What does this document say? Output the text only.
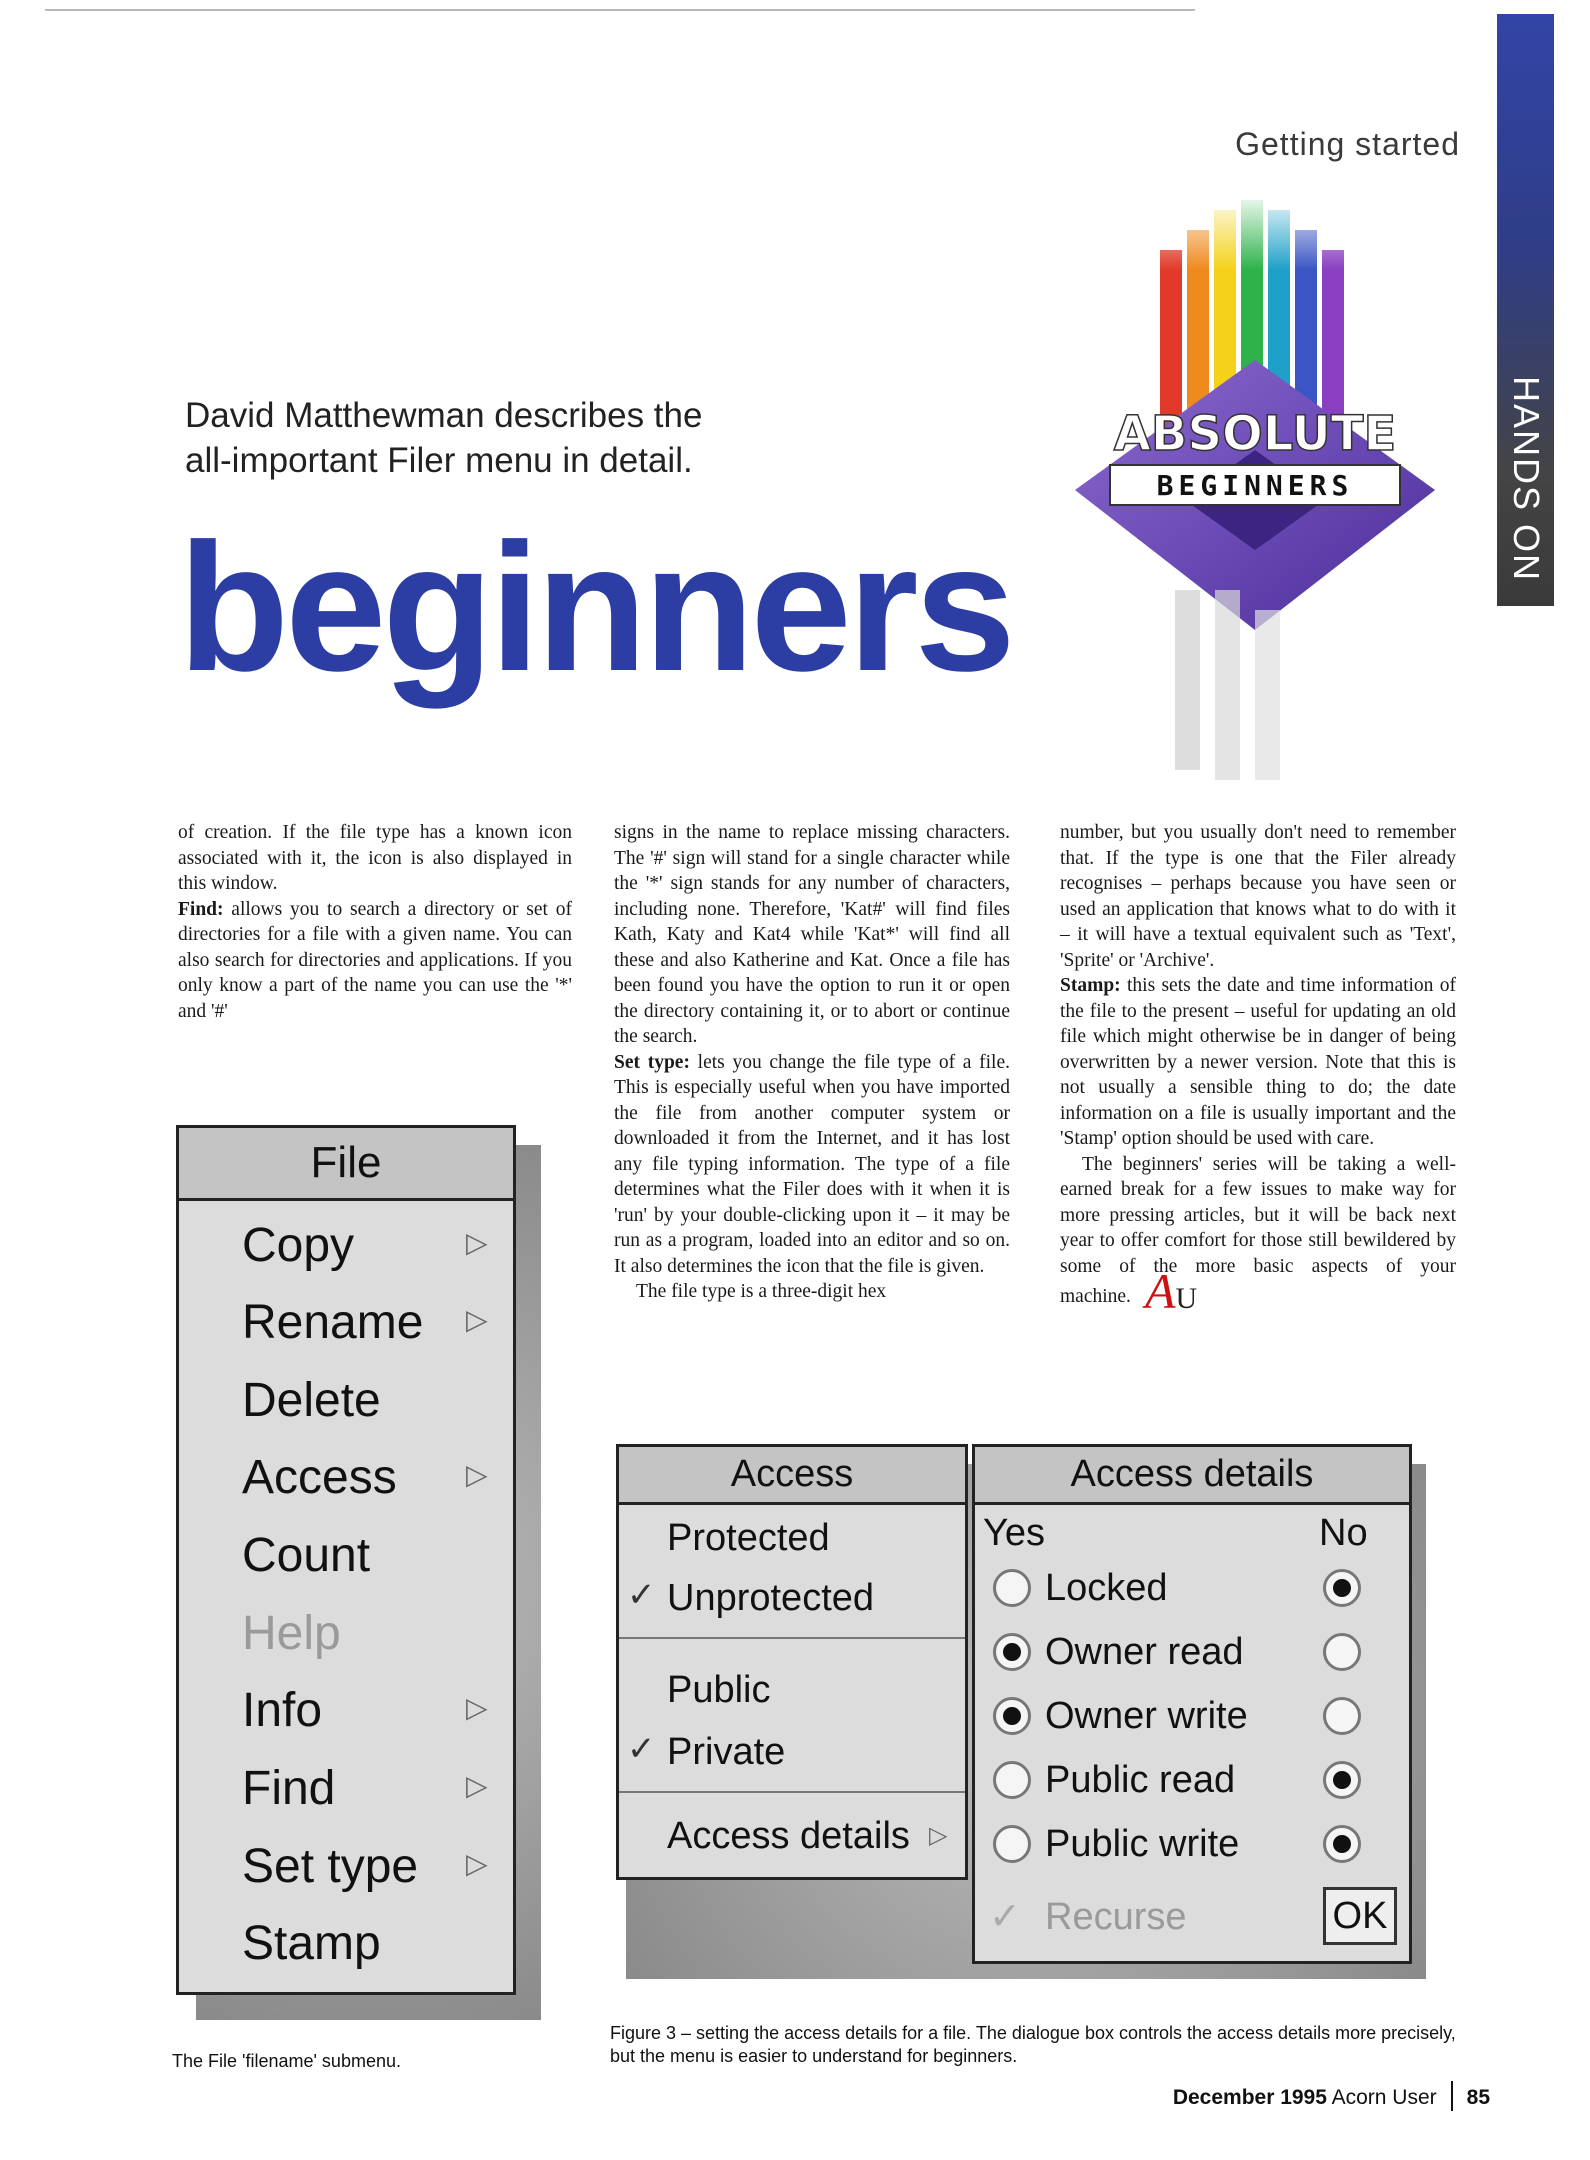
Getting started
HANDS ON
ABSOLUTE
BEGINNERS
David Matthewman describes the all-important Filer menu in detail.
beginners

of creation. If the file type has a known icon associated with it, the icon is also displayed in this window.

Find: allows you to search a directory or set of directories for a file with a given name. You can also search for directories and applications. If you only know a part of the name you can use the '*' and '#'

signs in the name to replace missing characters. The '#' sign will stand for a single character while the '*' sign stands for any number of characters, including none. Therefore, 'Kat#' will find files Kath, Katy and Kat4 while 'Kat*' will find all these and also Katherine and Kat. Once a file has been found you have the option to run it or open the directory containing it, or to abort or continue the search.

Set type: lets you change the file type of a file. This is especially useful when you have imported the file from another computer system or downloaded it from the Internet, and it has lost any file typing information. The type of a file determines what the Filer does with it when it is 'run' by your double-clicking upon it – it may be run as a program, loaded into an editor and so on. It also determines the icon that the file is given.

The file type is a three-digit hex

number, but you usually don't need to remember that. If the type is one that the Filer already recognises – perhaps because you have seen or used an application that knows what to do with it – it will have a textual equivalent such as 'Text', 'Sprite' or 'Archive'.

Stamp: this sets the date and time information of the file to the present – useful for updating an old file which might otherwise be in danger of being overwritten by a newer version. Note that this is not usually a sensible thing to do; the date information on a file is usually important and the 'Stamp' option should be used with care.

The beginners' series will be taking a well-earned break for a few issues to make way for more pressing articles, but it will be back next year to offer comfort for those still bewildered by some of the more basic aspects of your machine. AU

File
Copy	▷
Rename ▷
Delete
Access ▷
Count
Help
Info	▷
Find	▷
Set type ▷
Stamp
The File 'filename' submenu.
Access
Protected
✓ Unprotected
Public
✓ Private
Access details ▷
Access details
Yes	No
Locked
Owner read
Owner write
Public read
Public write
✓ Recurse	OK
Figure 3 – setting the access details for a file. The dialogue box controls the access details more precisely, but the menu is easier to understand for beginners.
December 1995 Acorn User 85
